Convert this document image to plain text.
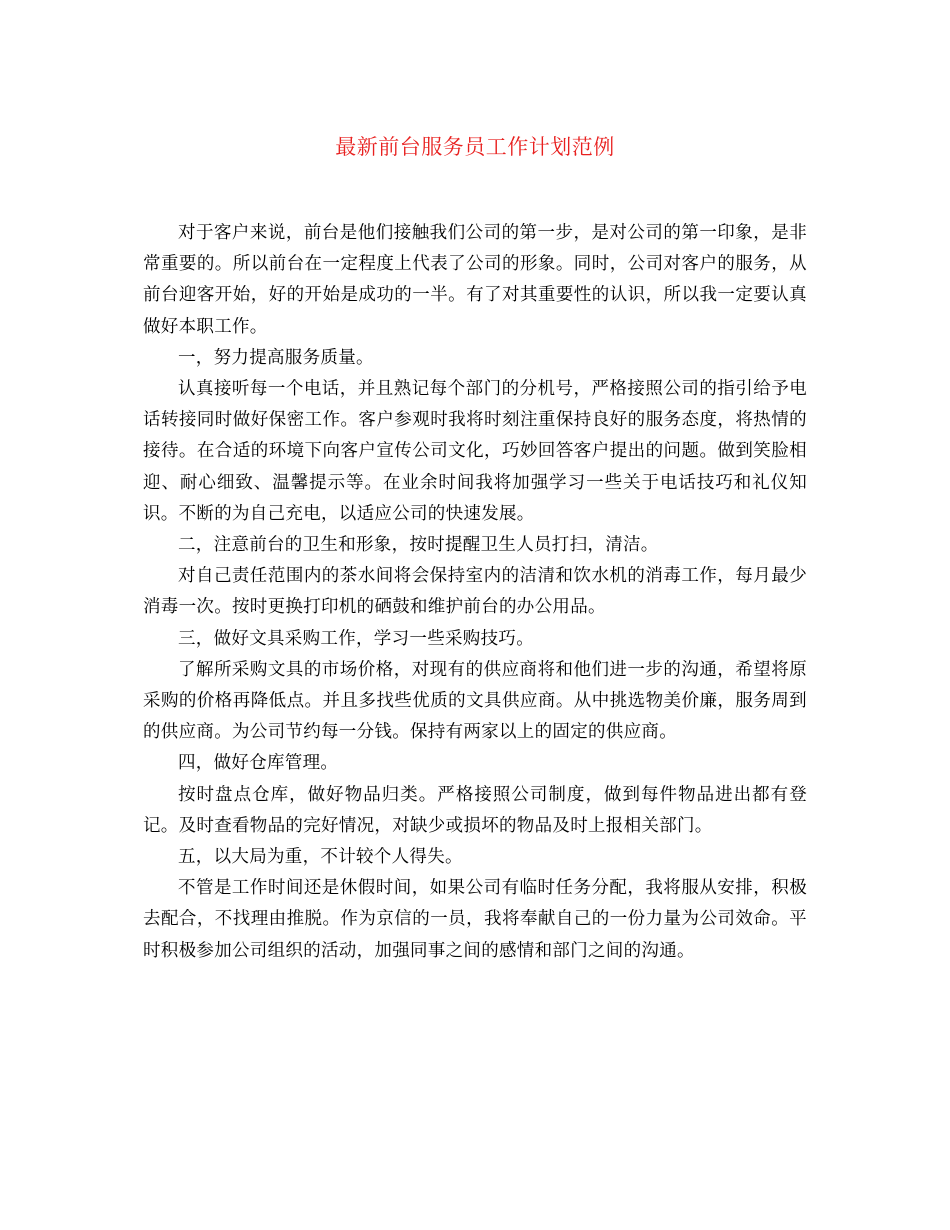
最新前台服务员工作计划范例

对于客户来说，前台是他们接触我们公司的第一步，是对公司的第一印象，是非常重要的。所以前台在一定程度上代表了公司的形象。同时，公司对客户的服务，从前台迎客开始，好的开始是成功的一半。有了对其重要性的认识，所以我一定要认真做好本职工作。

一，努力提高服务质量。

认真接听每一个电话，并且熟记每个部门的分机号，严格接照公司的指引给予电话转接同时做好保密工作。客户参观时我将时刻注重保持良好的服务态度，将热情的接待。在合适的环境下向客户宣传公司文化，巧妙回答客户提出的问题。做到笑脸相迎、耐心细致、温馨提示等。在业余时间我将加强学习一些关于电话技巧和礼仪知识。不断的为自己充电，以适应公司的快速发展。

二，注意前台的卫生和形象，按时提醒卫生人员打扫，清洁。

对自己责任范围内的茶水间将会保持室内的洁清和饮水机的消毒工作，每月最少消毒一次。按时更换打印机的硒鼓和维护前台的办公用品。

三，做好文具采购工作，学习一些采购技巧。

了解所采购文具的市场价格，对现有的供应商将和他们进一步的沟通，希望将原采购的价格再降低点。并且多找些优质的文具供应商。从中挑选物美价廉，服务周到的供应商。为公司节约每一分钱。保持有两家以上的固定的供应商。

四，做好仓库管理。

按时盘点仓库，做好物品归类。严格接照公司制度，做到每件物品进出都有登记。及时查看物品的完好情况，对缺少或损坏的物品及时上报相关部门。

五，以大局为重，不计较个人得失。

不管是工作时间还是休假时间，如果公司有临时任务分配，我将服从安排，积极去配合，不找理由推脱。作为京信的一员，我将奉献自己的一份力量为公司效命。平时积极参加公司组织的活动，加强同事之间的感情和部门之间的沟通。
